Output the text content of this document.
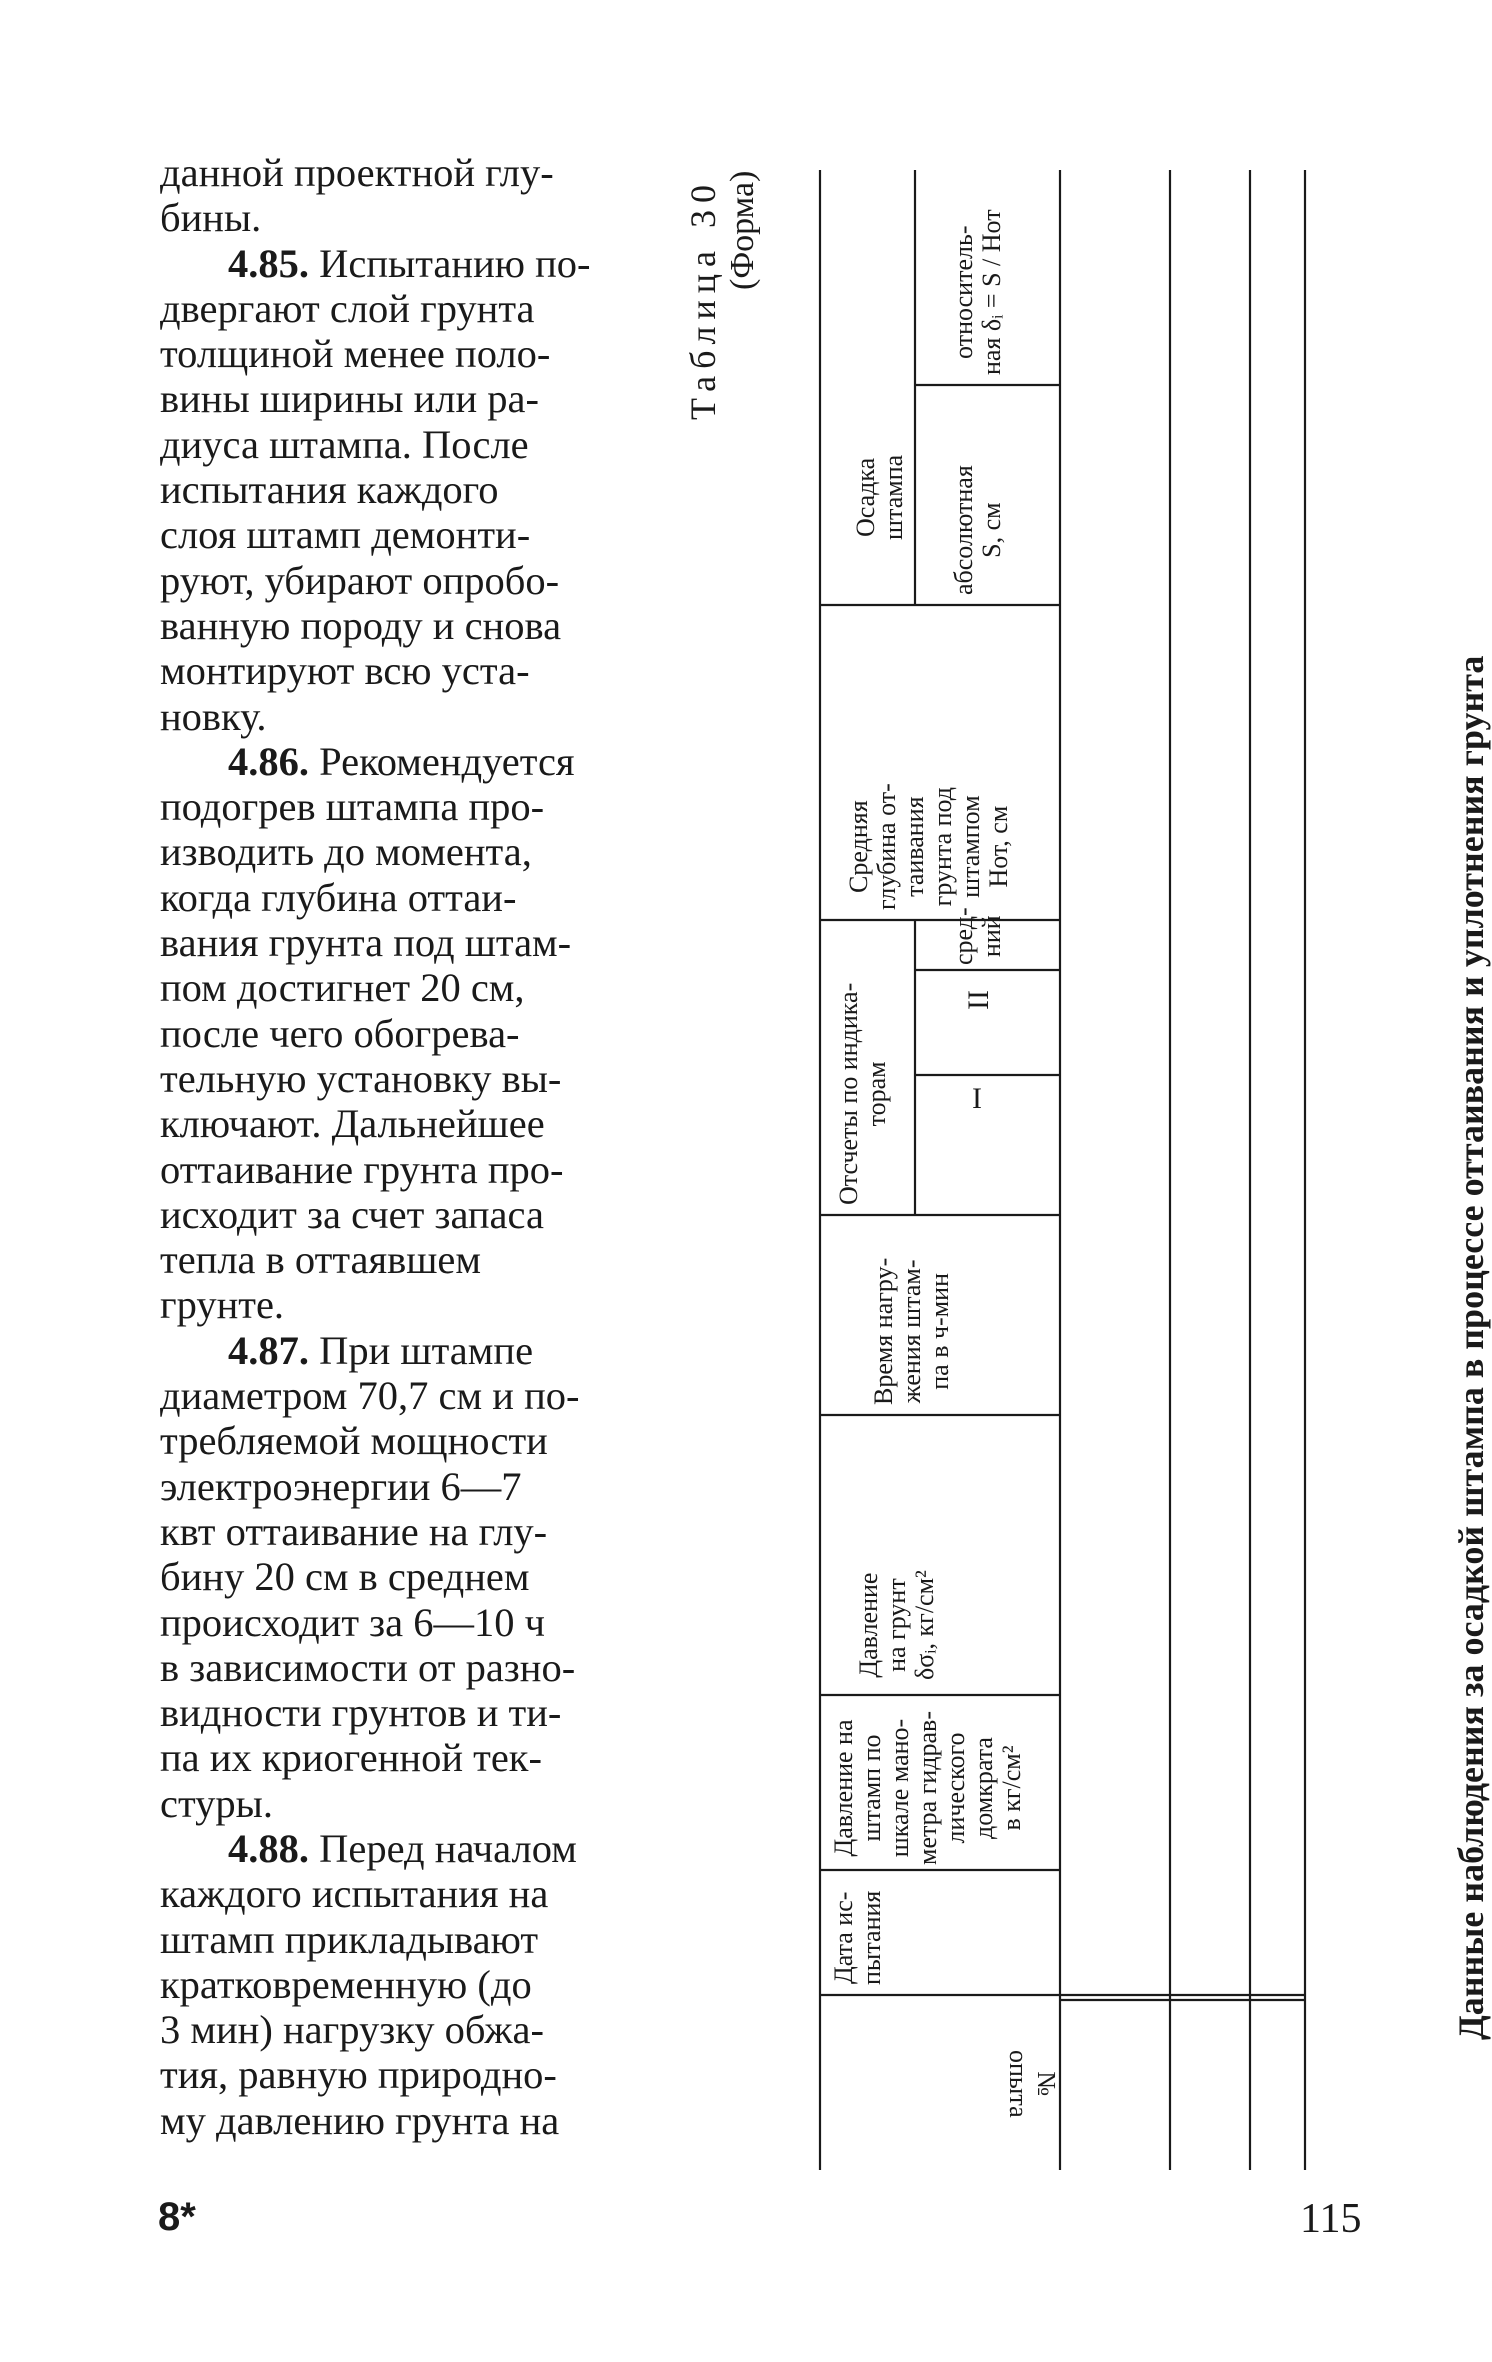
данной проектной глу-

бины.

4.85. Испытанию по-

двергают слой грунта

толщиной менее поло-

вины ширины или ра-

диуса штампа. После

испытания каждого

слоя штамп демонти-

руют, убирают опробо-

ванную породу и снова

монтируют всю уста-

новку.

4.86. Рекомендуется

подогрев штампа про-

изводить до момента,

когда глубина оттаи-

вания грунта под штам-

пом достигнет 20 см,

после чего обогрева-

тельную установку вы-

ключают. Дальнейшее

оттаивание грунта про-

исходит за счет запаса

тепла в оттаявшем

грунте.

4.87. При штампе

диаметром 70,7 см и по-

требляемой мощности

электроэнергии 6—7

квт оттаивание на глу-

бину 20 см в среднем

происходит за 6—10 ч

в зависимости от разно-

видности грунтов и ти-

па их криогенной тек-

стуры.

4.88. Перед началом

каждого испытания на

штамп прикладывают

кратковременную (до

3 мин) нагрузку обжа-

тия, равную природно-

му давлению грунта на

Таблица 30 (Форма)
Данные наблюдения за осадкой штампа в процессе оттаивания и уплотнения грунта
№ опыта
Дата ис-
пытания
Давление на
штамп по
шкале мано-
метра гидрав-
лического
домкрата
в кг/см²
Давление
на грунт
δσᵢ, кг/см²
Время нагру-
жения штам-
па в ч-мин
Отсчеты по индика-
торам	I
II
сред-
ний
Средняя
глубина от-
таивания
грунта под
штампом
Hот, см
Осадка штампа абсолютная
S, см
относитель-
ная δᵢ = S / Hот
8*	115
